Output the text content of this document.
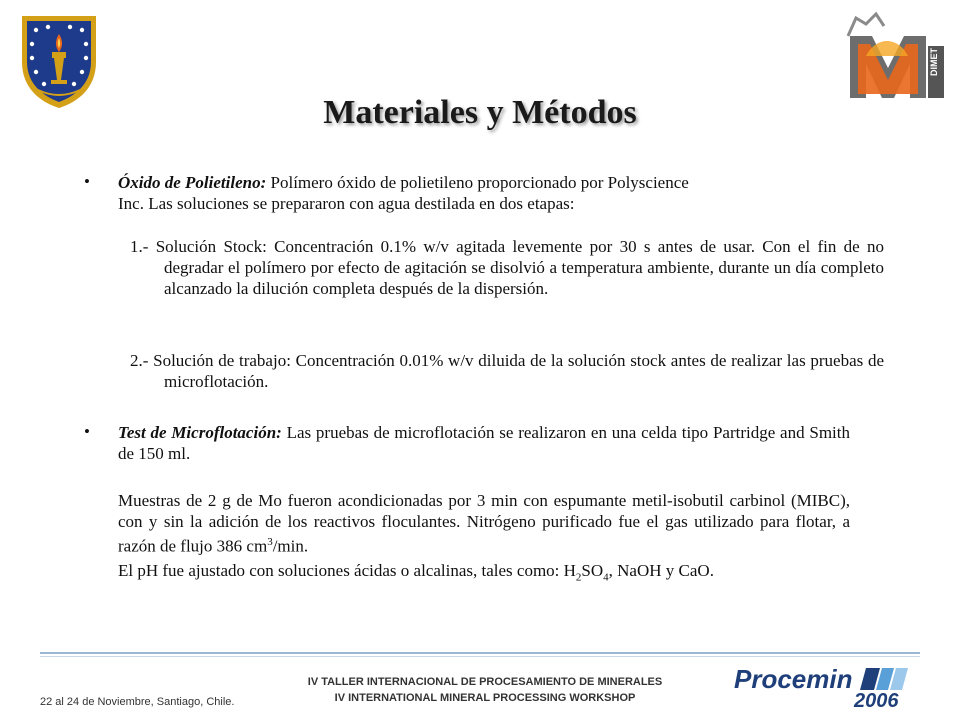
DIMET
Materiales y Métodos
• Óxido de Polietileno: Polímero óxido de polietileno proporcionado por Polyscience
Inc. Las soluciones se prepararon con agua destilada en dos etapas:
1.- Solución Stock: Concentración 0.1% w/v agitada levemente por 30 s antes de usar. Con el fin de no degradar el polímero por efecto de agitación se disolvió a temperatura ambiente, durante un día completo alcanzado la dilución completa después de la dispersión.
2.- Solución de trabajo: Concentración 0.01% w/v diluida de la solución stock antes de realizar las pruebas de microflotación.
• Test de Microflotación: Las pruebas de microflotación se realizaron en una celda tipo Partridge and Smith de 150 ml.
Muestras de 2 g de Mo fueron acondicionadas por 3 min con espumante metil-isobutil carbinol (MIBC), con y sin la adición de los reactivos floculantes. Nitrógeno purificado fue el gas utilizado para flotar, a razón de flujo 386 $cm^3/\min$.
El pH fue ajustado con soluciones ácidas o alcalinas, tales como: $H_2SO_4$, NaOH y CaO.
22 al 24 de Noviembre, Santiago, Chile.
IV TALLER INTERNACIONAL DE PROCESAMIENTO DE MINERALES
IV INTERNATIONAL MINERAL PROCESSING WORKSHOP
Procemin
2006
